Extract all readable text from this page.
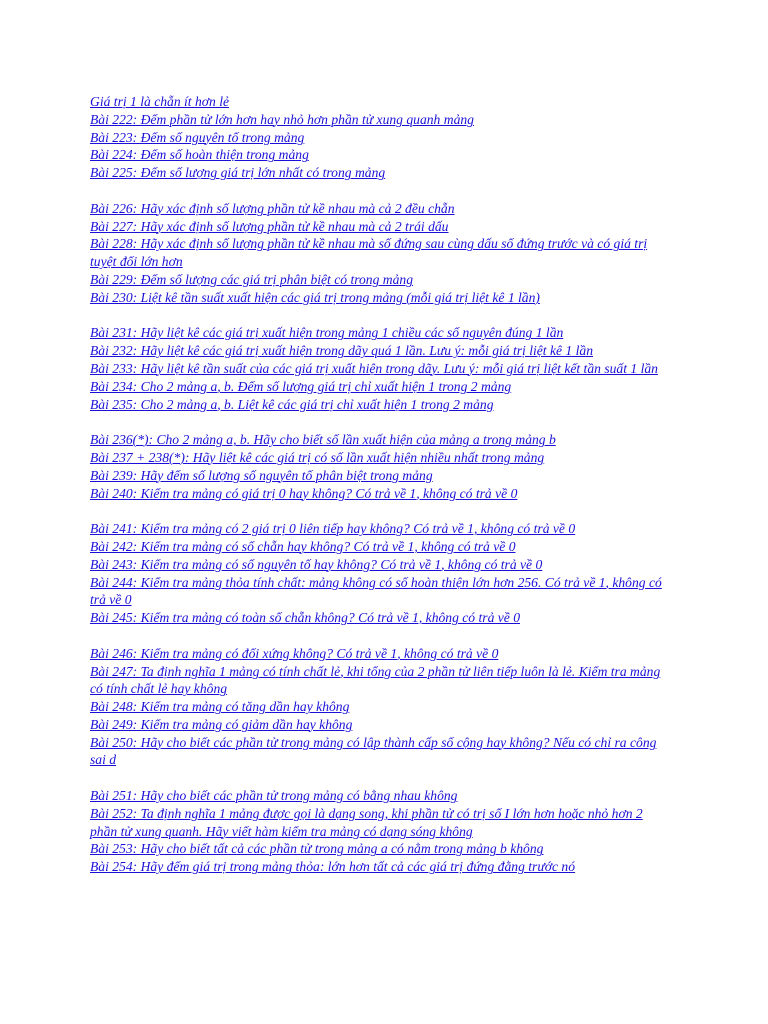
Giá trị 1 là chẵn ít hơn lẻ
Bài 222: Đếm phần tử lớn hơn hay nhỏ hơn phần tử xung quanh mảng
Bài 223: Đếm số nguyên tố trong mảng
Bài 224: Đếm số hoàn thiện trong mảng
Bài 225: Đếm số lượng giá trị lớn nhất có trong mảng
Bài 226: Hãy xác định số lượng phần tử kề nhau mà cả 2 đều chẵn
Bài 227: Hãy xác định số lượng phần tử kề nhau mà cả 2 trái dấu
Bài 228: Hãy xác định số lượng phần tử kề nhau mà số đứng sau cùng dấu số đứng trước và có giá trị tuyệt đối lớn hơn
Bài 229: Đếm số lượng các giá trị phân biệt có trong mảng
Bài 230: Liệt kê tần suất xuất hiện các giá trị trong mảng (mỗi giá trị liệt kê 1 lần)
Bài 231: Hãy liệt kê các giá trị xuất hiện trong mảng 1 chiều các số nguyên đúng 1 lần
Bài 232: Hãy liệt kê các giá trị xuất hiện trong dãy quá 1 lần. Lưu ý: mỗi giá trị liệt kê 1 lần
Bài 233: Hãy liệt kê tần suất của các giá trị xuất hiện trong dãy. Lưu ý: mỗi giá trị liệt kết tần suất 1 lần
Bài 234: Cho 2 mảng a, b. Đếm số lượng giá trị chỉ xuất hiện 1 trong 2 mảng
Bài 235: Cho 2 mảng a, b. Liệt kê các giá trị chỉ xuất hiện 1 trong 2 mảng
Bài 236(*): Cho 2 mảng a, b. Hãy cho biết số lần xuất hiện của mảng a trong mảng b
Bài 237 + 238(*): Hãy liệt kê các giá trị có số lần xuất hiện nhiều nhất trong mảng
Bài 239: Hãy đếm số lượng số nguyên tố phân biệt trong mảng
Bài 240: Kiểm tra mảng có giá trị 0 hay không? Có trả về 1, không có trả về 0
Bài 241: Kiểm tra mảng có 2 giá trị 0 liên tiếp hay không? Có trả về 1, không có trả về 0
Bài 242: Kiểm tra mảng có số chẵn hay không? Có trả về 1, không có trả về 0
Bài 243: Kiểm tra mảng có số nguyên tố hay không? Có trả về 1, không có trả về 0
Bài 244: Kiểm tra mảng thỏa tính chất: mảng không có số hoàn thiện lớn hơn 256. Có trả về 1, không có trả về 0
Bài 245: Kiểm tra mảng có toàn số chẵn không? Có trả về 1, không có trả về 0
Bài 246: Kiểm tra mảng có đối xứng không? Có trả về 1, không có trả về 0
Bài 247: Ta định nghĩa 1 mảng có tính chất lẻ, khi tổng của 2 phần tử liên tiếp luôn là lẻ. Kiểm tra mảng có tính chất lẻ hay không
Bài 248: Kiểm tra mảng có tăng dần hay không
Bài 249: Kiểm tra mảng có giảm dần hay không
Bài 250: Hãy cho biết các phần tử trong mảng có lập thành cấp số cộng hay không? Nếu có chỉ ra công sai d
Bài 251: Hãy cho biết các phần tử trong mảng có bằng nhau không
Bài 252: Ta định nghĩa 1 mảng được gọi là dạng song, khi phần tử có trị số I lớn hơn hoặc nhỏ hơn 2 phần tử xung quanh. Hãy viết hàm kiểm tra mảng có dạng sóng không
Bài 253: Hãy cho biết tất cả các phần tử trong mảng a có nằm trong mảng b không
Bài 254: Hãy đếm giá trị trong mảng thỏa: lớn hơn tất cả các giá trị đứng đằng trước nó
